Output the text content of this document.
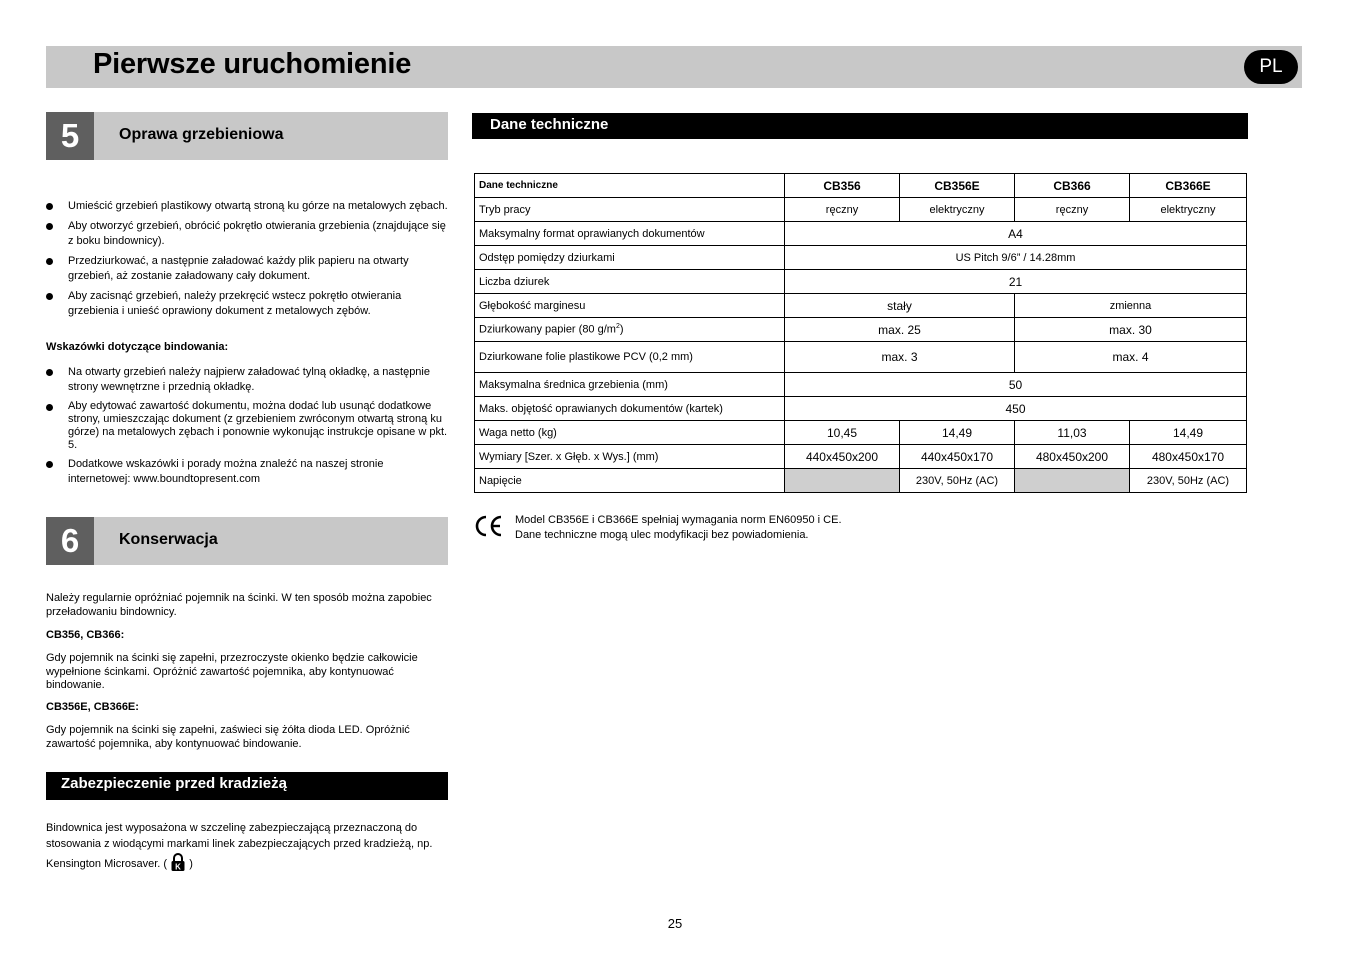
Pierwsze uruchomienie	PL
5	Oprawa grzebieniowa
Umieścić grzebień plastikowy otwartą stroną ku górze na metalowych zębach.
Aby otworzyć grzebień, obrócić pokrętło otwierania grzebienia (znajdujące się z boku bindownicy).
Przedziurkować, a następnie załadować każdy plik papieru na otwarty grzebień, aż zostanie załadowany cały dokument.
Aby zacisnąć grzebień, należy przekręcić wstecz pokrętło otwierania grzebienia i unieść oprawiony dokument z metalowych zębów.
Wskazówki dotyczące bindowania:
Na otwarty grzebień należy najpierw załadować tylną okładkę, a następnie strony wewnętrzne i przednią okładkę.
Aby edytować zawartość dokumentu, można dodać lub usunąć dodatkowe strony, umieszczając dokument (z grzebieniem zwróconym otwartą stroną ku górze) na metalowych zębach i ponownie wykonując instrukcje opisane w pkt. 5.
Dodatkowe wskazówki i porady można znaleźć na naszej stronie internetowej: www.boundtopresent.com
6	Konserwacja
Należy regularnie opróżniać pojemnik na ścinki. W ten sposób można zapobiec przeładowaniu bindownicy.
CB356, CB366:
Gdy pojemnik na ścinki się zapełni, przezroczyste okienko będzie całkowicie wypełnione ścinkami. Opróżnić zawartość pojemnika, aby kontynuować bindowanie.
CB356E, CB366E:
Gdy pojemnik na ścinki się zapełni, zaświeci się żółta dioda LED. Opróżnić zawartość pojemnika, aby kontynuować bindowanie.
Zabezpieczenie przed kradzieżą
Bindownica jest wyposażona w szczelinę zabezpieczającą przeznaczoną do stosowania z wiodącymi markami linek zabezpieczających przed kradzieżą, np. Kensington Microsaver. ( K )
Dane techniczne
Dane techniczne	CB356	CB356E	CB366	CB366E
Tryb pracy	ręczny	elektryczny	ręczny	elektryczny
Maksymalny format oprawianych dokumentów	A4			
Odstęp pomiędzy dziurkami	US Pitch 9/6” / 14.28mm			
Liczba dziurek	21			
Głębokość marginesu	stały		zmienna	
Dziurkowany papier (80 $g/m^2$)	max. 25		max. 30	
Dziurkowane folie plastikowe PCV (0,2 mm)	max. 3		max. 4	
Maksymalna średnica grzebienia (mm)	50			
Maks. objętość oprawianych dokumentów (kartek)	450			
Waga netto (kg)	10,45	14,49	11,03	14,49
Wymiary [Szer. x Głęb. x Wys.] (mm)	440x450x200	440x450x170	480x450x200	480x450x170
Napięcie		230V, 50Hz (AC)		230V, 50Hz (AC)
Model CB356E i CB366E spełniaj wymagania norm EN60950 i CE.
Dane techniczne mogą ulec modyfikacji bez powiadomienia.
25
